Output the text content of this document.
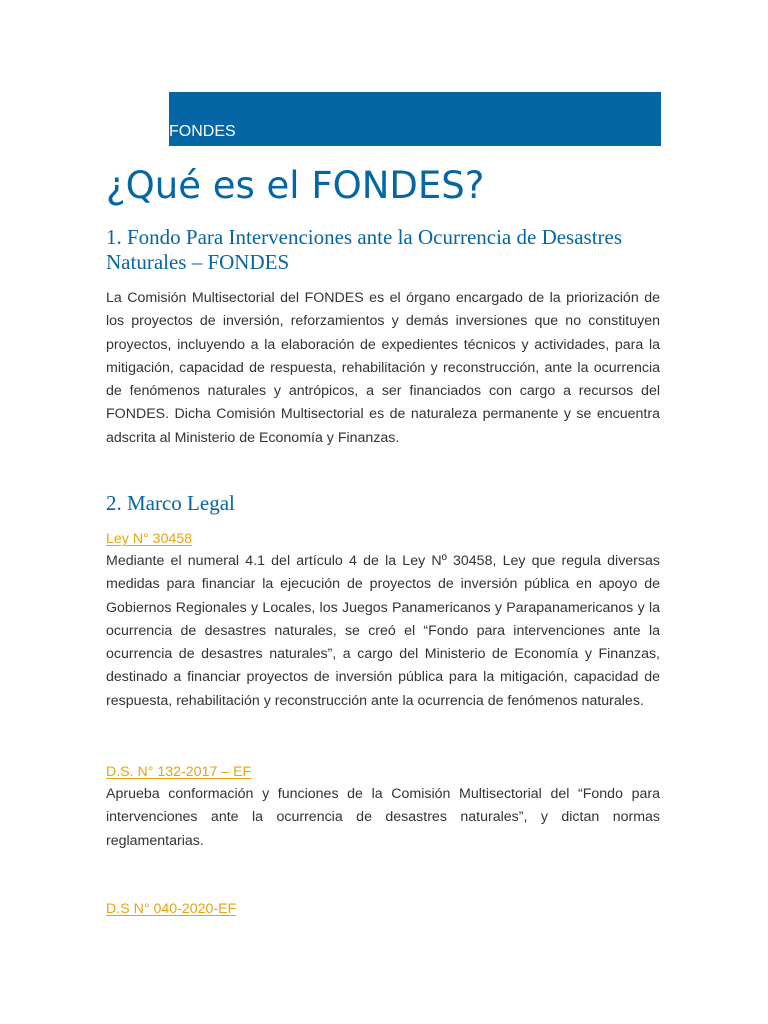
FONDES
¿Qué es el FONDES?
1. Fondo Para Intervenciones ante la Ocurrencia de Desastres Naturales – FONDES

La Comisión Multisectorial del FONDES es el órgano encargado de la priorización de los proyectos de inversión, reforzamientos y demás inversiones que no constituyen proyectos, incluyendo a la elaboración de expedientes técnicos y actividades, para la mitigación, capacidad de respuesta, rehabilitación y reconstrucción, ante la ocurrencia de fenómenos naturales y antrópicos, a ser financiados con cargo a recursos del FONDES. Dicha Comisión Multisectorial es de naturaleza permanente y se encuentra adscrita al Ministerio de Economía y Finanzas.

2. Marco Legal
Ley N° 30458

Mediante el numeral 4.1 del artículo 4 de la Ley Nº 30458, Ley que regula diversas medidas para financiar la ejecución de proyectos de inversión pública en apoyo de Gobiernos Regionales y Locales, los Juegos Panamericanos y Parapanamericanos y la ocurrencia de desastres naturales, se creó el “Fondo para intervenciones ante la ocurrencia de desastres naturales”, a cargo del Ministerio de Economía y Finanzas, destinado a financiar proyectos de inversión pública para la mitigación, capacidad de respuesta, rehabilitación y reconstrucción ante la ocurrencia de fenómenos naturales.

D.S. N° 132-2017 – EF

Aprueba conformación y funciones de la Comisión Multisectorial del “Fondo para intervenciones ante la ocurrencia de desastres naturales”, y dictan normas reglamentarias.

D.S N° 040-2020-EF
